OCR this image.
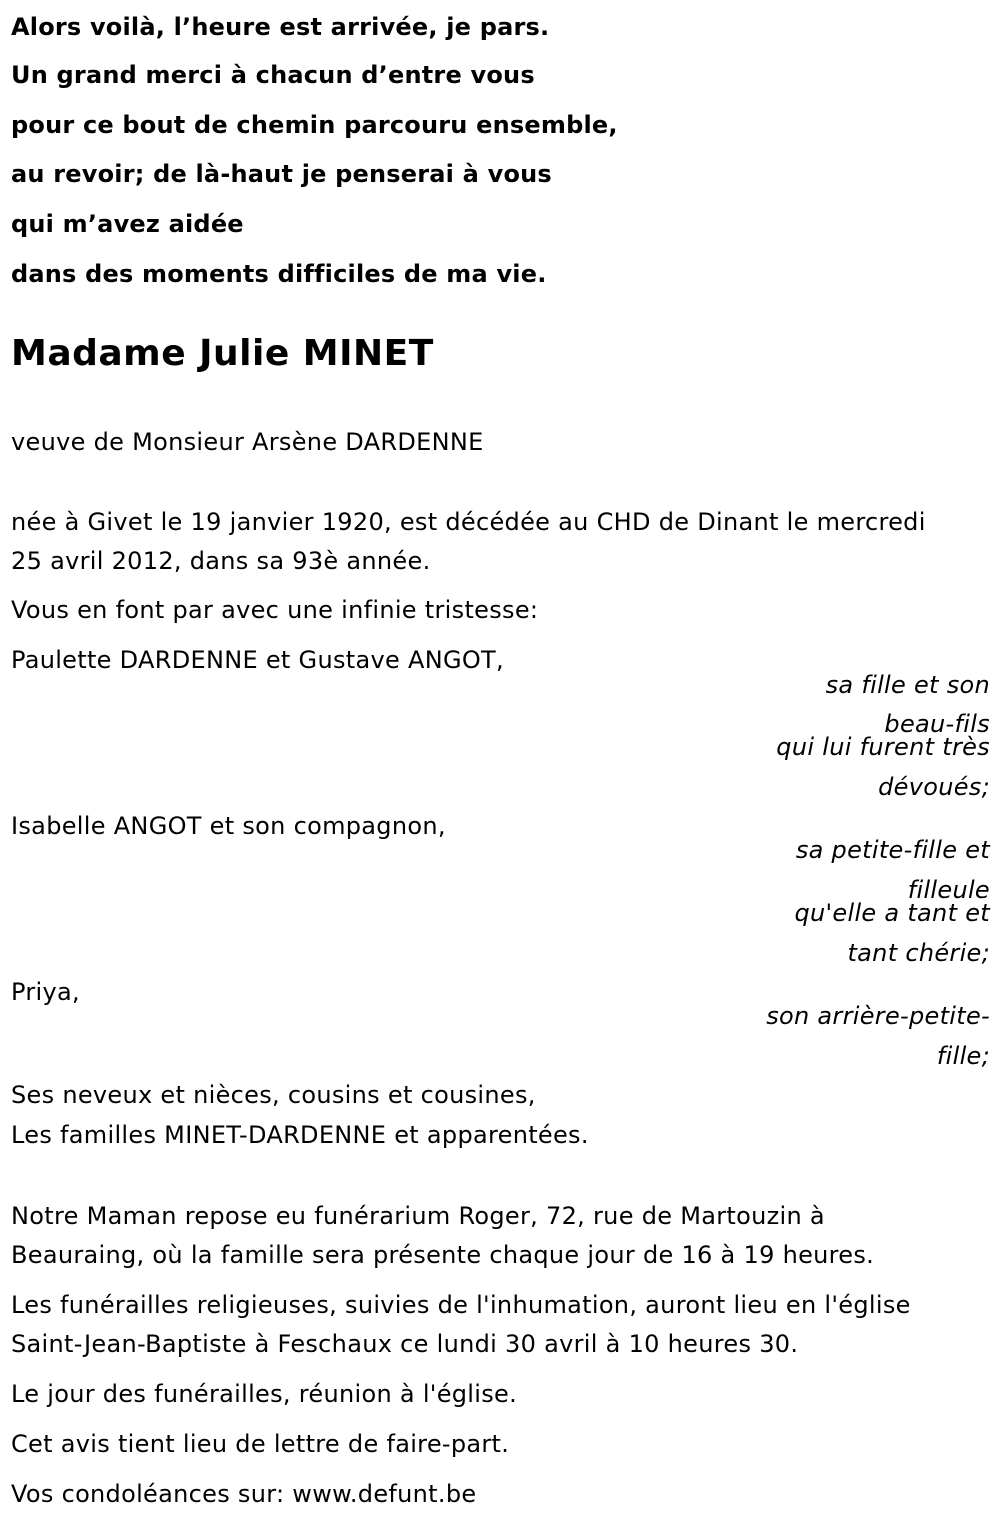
Alors voilà, l’heure est arrivée, je pars.
Un grand merci à chacun d’entre vous
pour ce bout de chemin parcouru ensemble,
au revoir; de là-haut je penserai à vous
qui m’avez aidée
dans des moments difficiles de ma vie.
Madame Julie MINET
veuve de Monsieur Arsène DARDENNE
née à Givet le 19 janvier 1920, est décédée au CHD de Dinant le mercredi
25 avril 2012, dans sa 93è année.
Vous en font par avec une infinie tristesse:
Paulette DARDENNE et Gustave ANGOT,
sa fille et son
beau-fils
qui lui furent très
dévoués;
Isabelle ANGOT et son compagnon,
sa petite-fille et
filleule
qu'elle a tant et
tant chérie;
Priya,
son arrière-petite-
fille;
Ses neveux et nièces, cousins et cousines,
Les familles MINET-DARDENNE et apparentées.
Notre Maman repose eu funérarium Roger, 72, rue de Martouzin à
Beauraing, où la famille sera présente chaque jour de 16 à 19 heures.
Les funérailles religieuses, suivies de l'inhumation, auront lieu en l'église
Saint-Jean-Baptiste à Feschaux ce lundi 30 avril à 10 heures 30.
Le jour des funérailles, réunion à l'église.
Cet avis tient lieu de lettre de faire-part.
Vos condoléances sur: www.defunt.be
